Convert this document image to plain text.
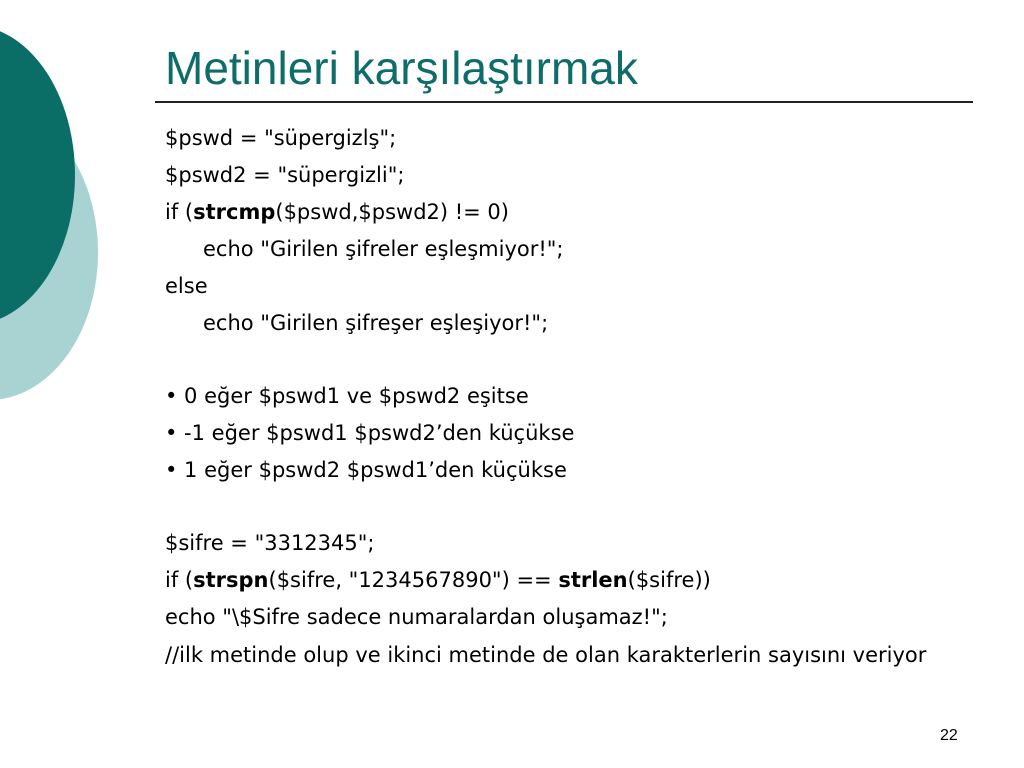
Metinleri karşılaştırmak
$pswd = "süpergizlş";
$pswd2 = "süpergizli";
if (strcmp($pswd,$pswd2) != 0)
echo "Girilen şifreler eşleşmiyor!";
else
echo "Girilen şifreşer eşleşiyor!";
• 0 eğer $pswd1 ve $pswd2 eşitse
• -1 eğer $pswd1 $pswd2’den küçükse
• 1 eğer $pswd2 $pswd1’den küçükse
$sifre = "3312345";
if (strspn($sifre, "1234567890") == strlen($sifre))
echo "\$Sifre sadece numaralardan oluşamaz!";
//ilk metinde olup ve ikinci metinde de olan karakterlerin sayısını veriyor
22
